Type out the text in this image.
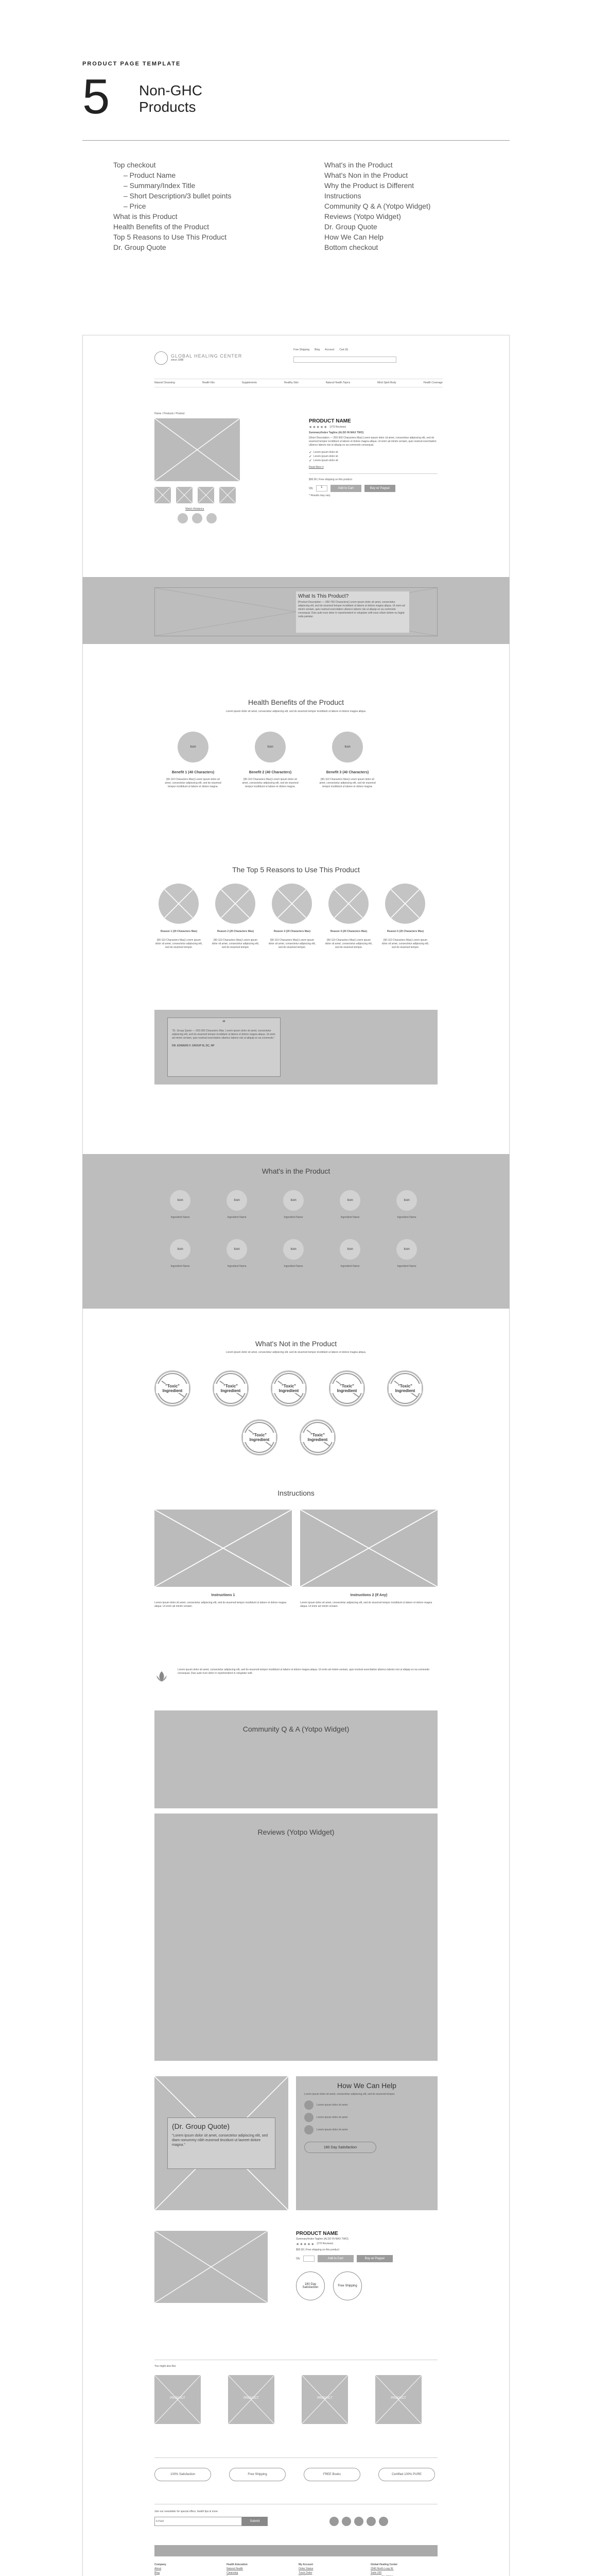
PRODUCT PAGE TEMPLATE
5 Non-GHC
Products
Top checkout
– Product Name
– Summary/Index Title
– Short Description/3 bullet points
– Price
What is this Product
Health Benefits of the Product
Top 5 Reasons to Use This Product
Dr. Group Quote
What's in the Product
What's Non in the Product
Why the Product is Different
Instructions
Community Q & A (Yotpo Widget)
Reviews (Yotpo Widget)
Dr. Group Quote
How We Can Help
Bottom checkout
GLOBAL HEALING CENTER
since 1998
Free Shipping Blog Account Cart (0)
Natural Cleansing	Health Kits	Supplements	Healthy Skin	Natural Health Topics	Mind Spirit Body	Health Coverage
Home / Products / Product
Watch Related ▸
PRODUCT NAME
★★★★★ (270 Reviews)
Summary/Index Tagline (ALSO IN MAX TWO)
[Short Description — 250-300 Characters Max] Lorem ipsum dolor sit amet, consectetur adipiscing elit, sed do eiusmod tempor incididunt ut labore et dolore magna aliqua. Ut enim ad minim veniam, quis nostrud exercitation ullamco laboris nisi ut aliquip ex ea commodo consequat.
✓ Lorem ipsum dolor sit
✓ Lorem ipsum dolor sit
✓ Lorem ipsum dolor sit
Read More ▾
$00.00 | Free shipping on this product
Qty	1	Add to Cart	Buy w/ Paypal
* Results may vary
What Is This Product?
[Product Description — 350-750 Characters] Lorem ipsum dolor sit amet, consectetur adipiscing elit, sed do eiusmod tempor incididunt ut labore et dolore magna aliqua. Ut enim ad minim veniam, quis nostrud exercitation ullamco laboris nisi ut aliquip ex ea commodo consequat. Duis aute irure dolor in reprehenderit in voluptate velit esse cillum dolore eu fugiat nulla pariatur.
Health Benefits of the Product
Lorem ipsum dolor sit amet, consectetur adipiscing elit, sed do eiusmod tempor incididunt ut labore et dolore magna aliqua.
The Top 5 Reasons to Use This Product
“
“Dr. Group Quote — 200-300 Characters Max. Lorem ipsum dolor sit amet, consectetur adipiscing elit, sed do eiusmod tempor incididunt ut labore et dolore magna aliqua. Ut enim ad minim veniam, quis nostrud exercitation ullamco laboris nisi ut aliquip ex ea commodo.”
DR. EDWARD F. GROUP III, DC, NP
What's in the Product
What's Not in the Product
Lorem ipsum dolor sit amet, consectetur adipiscing elit, sed do eiusmod tempor incididunt ut labore et dolore magna aliqua.
Instructions
Lorem ipsum dolor sit amet, consectetur adipiscing elit, sed do eiusmod tempor incididunt ut labore et dolore magna aliqua. Ut enim ad minim veniam, quis nostrud exercitation ullamco laboris nisi ut aliquip ex ea commodo consequat. Duis aute irure dolor in reprehenderit in voluptate velit.
Community Q & A (Yotpo Widget)
Reviews (Yotpo Widget)
(Dr. Group Quote)
“Lorem ipsum dolor sit amet, consectetur adipiscing elit, sed diam nonummy nibh euismod tincidunt ut laoreet dolore magna.”
How We Can Help
Lorem ipsum dolor sit amet, consectetur adipiscing elit, sed do eiusmod tempor.
Lorem ipsum dolor sit amet
Lorem ipsum dolor sit amet
Lorem ipsum dolor sit amet
180 Day Satisfaction
PRODUCT NAME
Summary/Index Tagline (ALSO IN MAX TWO)
★★★★★ (270 Reviews)
$00.00 | Free shipping on this product
Qty	Add to Cart	Buy w/ Paypal
180 Day Satisfaction	Free Shipping
You might also like
Join our newsletter for special offers, health tips & more
Email
Submit
Icon
Benefit 1 (40 Characters)
[90-110 Characters Max] Lorem ipsum dolor sit amet, consectetur adipiscing elit, sed do eiusmod tempor incididunt ut labore et dolore magna.
Icon
Benefit 2 (40 Characters)
[90-110 Characters Max] Lorem ipsum dolor sit amet, consectetur adipiscing elit, sed do eiusmod tempor incididunt ut labore et dolore magna.
Icon
Benefit 3 (40 Characters)
[90-110 Characters Max] Lorem ipsum dolor sit amet, consectetur adipiscing elit, sed do eiusmod tempor incididunt ut labore et dolore magna.
Reason 1 (20 Characters Max)
[90-110 Characters Max] Lorem ipsum dolor sit amet, consectetur adipiscing elit, sed do eiusmod tempor.
Reason 2 (20 Characters Max)
[90-110 Characters Max] Lorem ipsum dolor sit amet, consectetur adipiscing elit, sed do eiusmod tempor.
Reason 3 (20 Characters Max)
[90-110 Characters Max] Lorem ipsum dolor sit amet, consectetur adipiscing elit, sed do eiusmod tempor.
Reason 4 (20 Characters Max)
[90-110 Characters Max] Lorem ipsum dolor sit amet, consectetur adipiscing elit, sed do eiusmod tempor.
Reason 5 (20 Characters Max)
[90-110 Characters Max] Lorem ipsum dolor sit amet, consectetur adipiscing elit, sed do eiusmod tempor.
Icon
Ingredient Name
Icon
Ingredient Name
Icon
Ingredient Name
Icon
Ingredient Name
Icon
Ingredient Name
Icon
Ingredient Name
Icon
Ingredient Name
Icon
Ingredient Name
Icon
Ingredient Name
Icon
Ingredient Name
"Toxic" Ingredient
"Toxic" Ingredient
"Toxic" Ingredient
"Toxic" Ingredient
"Toxic" Ingredient
"Toxic" Ingredient
"Toxic" Ingredient
Instructions 1
Lorem ipsum dolor sit amet, consectetur adipiscing elit, sed do eiusmod tempor incididunt ut labore et dolore magna aliqua. Ut enim ad minim veniam.
Instructions 2 (If Any)
Lorem ipsum dolor sit amet, consectetur adipiscing elit, sed do eiusmod tempor incididunt ut labore et dolore magna aliqua. Ut enim ad minim veniam.
PRODUCT	PRODUCT	PRODUCT	PRODUCT
100% Satisfaction	Free Shipping	FREE Books	Certified 100% PURE
Company
About
Blog
Health Education
Natural Health
Cleansing
My Account
Order Status
Track Order
Global Healing Center
2040 North Loop W.
Suite 200
